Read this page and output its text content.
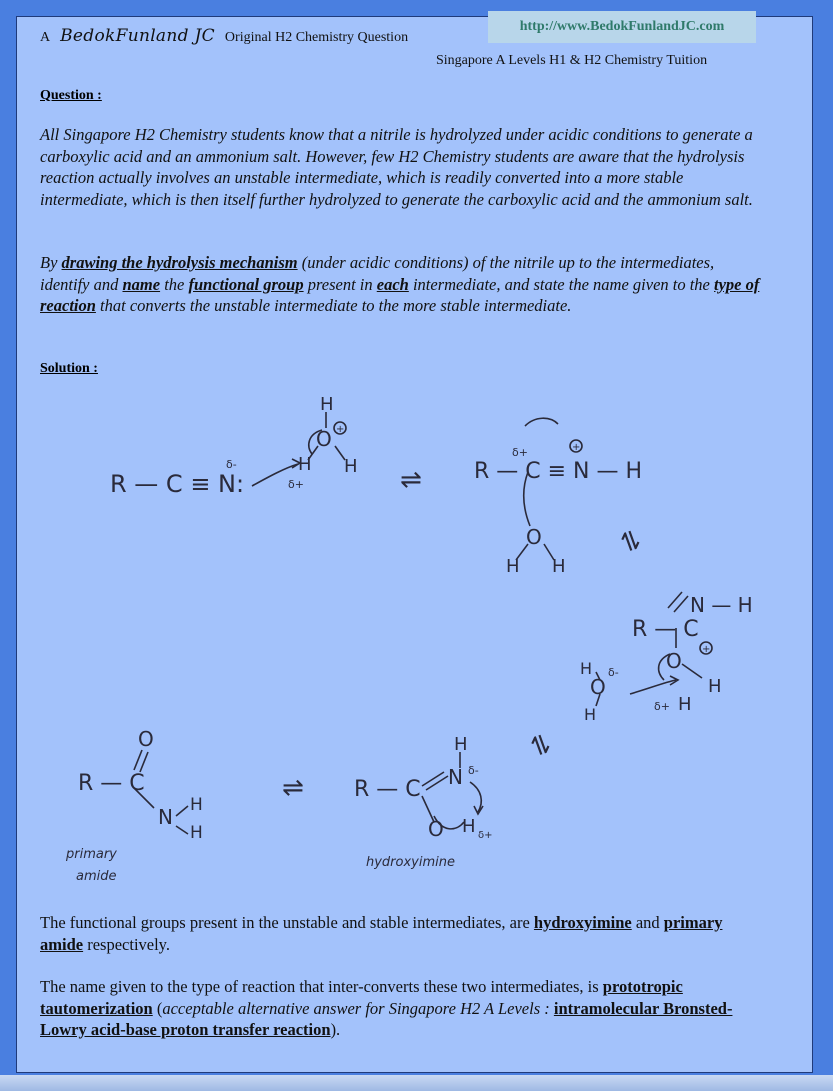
A BedokFunland JC Original H2 Chemistry Question
http://www.BedokFunlandJC.com
Singapore A Levels H1 & H2 Chemistry Tuition
Question :
All Singapore H2 Chemistry students know that a nitrile is hydrolyzed under acidic conditions to generate a carboxylic acid and an ammonium salt. However, few H2 Chemistry students are aware that the hydrolysis reaction actually involves an unstable intermediate, which is readily converted into a more stable intermediate, which is then itself further hydrolyzed to generate the carboxylic acid and the ammonium salt.
By drawing the hydrolysis mechanism (under acidic conditions) of the nitrile up to the intermediates, identify and name the functional group present in each intermediate, and state the name given to the type of reaction that converts the unstable intermediate to the more stable intermediate.
Solution :
R — C ≡ N:
δ-
δ+
H
H
O
H
+
⇌ R — C ≡ N — H
δ+	+
O
H H
⇌
R — C
N — H
O +
H
H
δ+
O
δ-
H
H
⇌
H
R — C N δ-
O H δ+
hydroxyimine
⇌
O
R — C
N H
H
primary
amide
The functional groups present in the unstable and stable intermediates, are hydroxyimine and primary amide respectively.
The name given to the type of reaction that inter-converts these two intermediates, is prototropic tautomerization (acceptable alternative answer for Singapore H2 A Levels : intramolecular Bronsted-Lowry acid-base proton transfer reaction).
